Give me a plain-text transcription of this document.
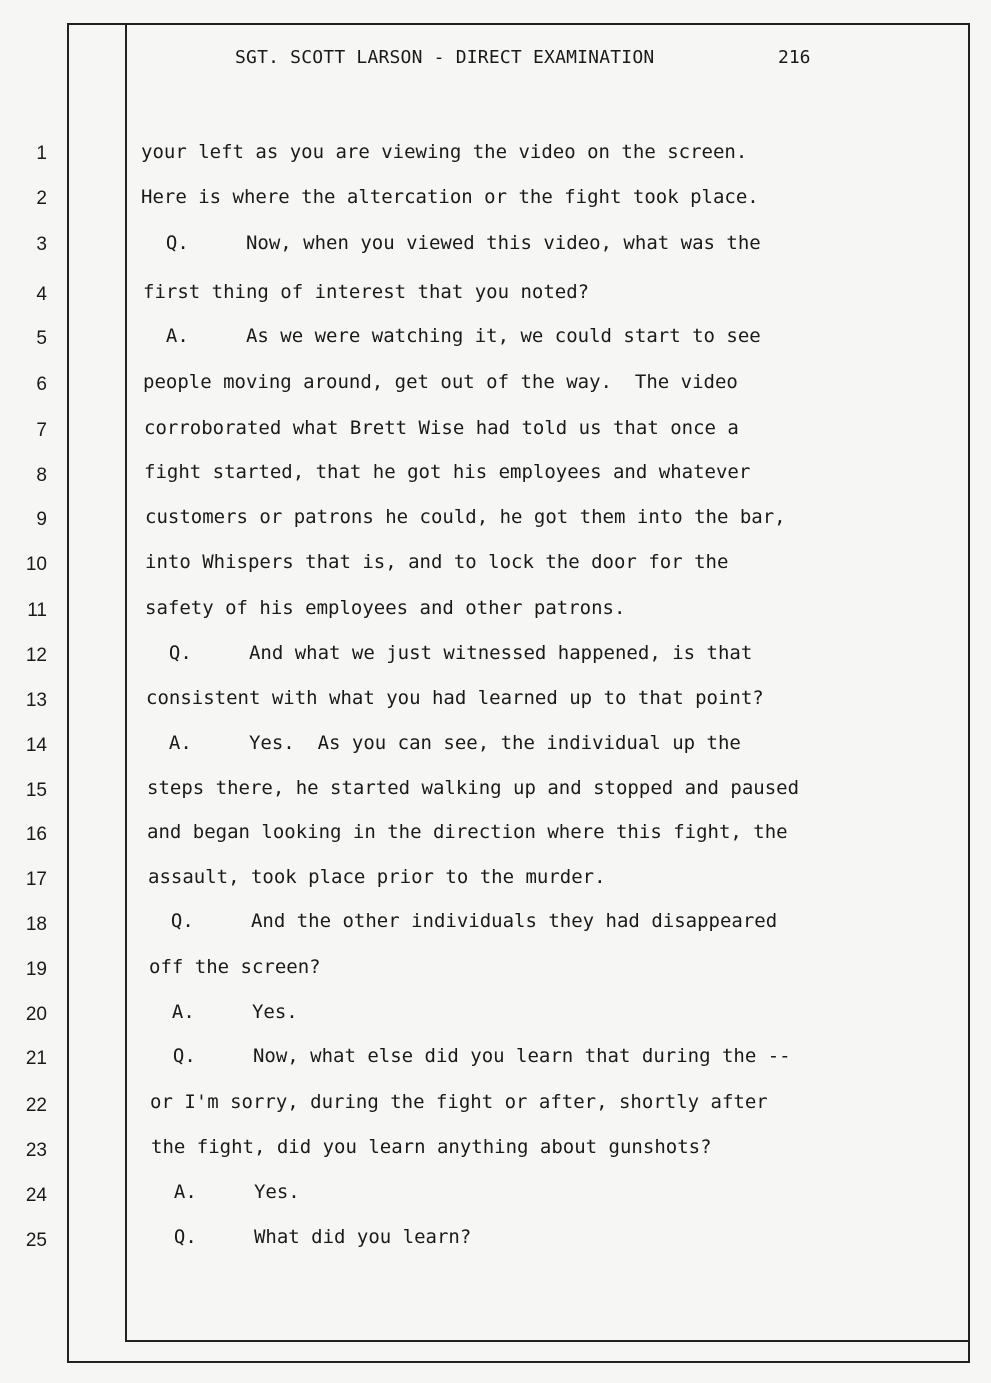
SGT. SCOTT LARSON - DIRECT EXAMINATION	216
1	your left as you are viewing the video on the screen.
2	Here is where the altercation or the fight took place.
3	Q.     Now, when you viewed this video, what was the
4	first thing of interest that you noted?
5	A.     As we were watching it, we could start to see
6	people moving around, get out of the way.  The video
7	corroborated what Brett Wise had told us that once a
8	fight started, that he got his employees and whatever
9	customers or patrons he could, he got them into the bar,
10	into Whispers that is, and to lock the door for the
11	safety of his employees and other patrons.
12	Q.     And what we just witnessed happened, is that
13	consistent with what you had learned up to that point?
14	A.     Yes.  As you can see, the individual up the
15	steps there, he started walking up and stopped and paused
16	and began looking in the direction where this fight, the
17	assault, took place prior to the murder.
18	Q.     And the other individuals they had disappeared
19	off the screen?
20	A.     Yes.
21	Q.     Now, what else did you learn that during the --
22	or I'm sorry, during the fight or after, shortly after
23	the fight, did you learn anything about gunshots?
24	A.     Yes.
25	Q.     What did you learn?
